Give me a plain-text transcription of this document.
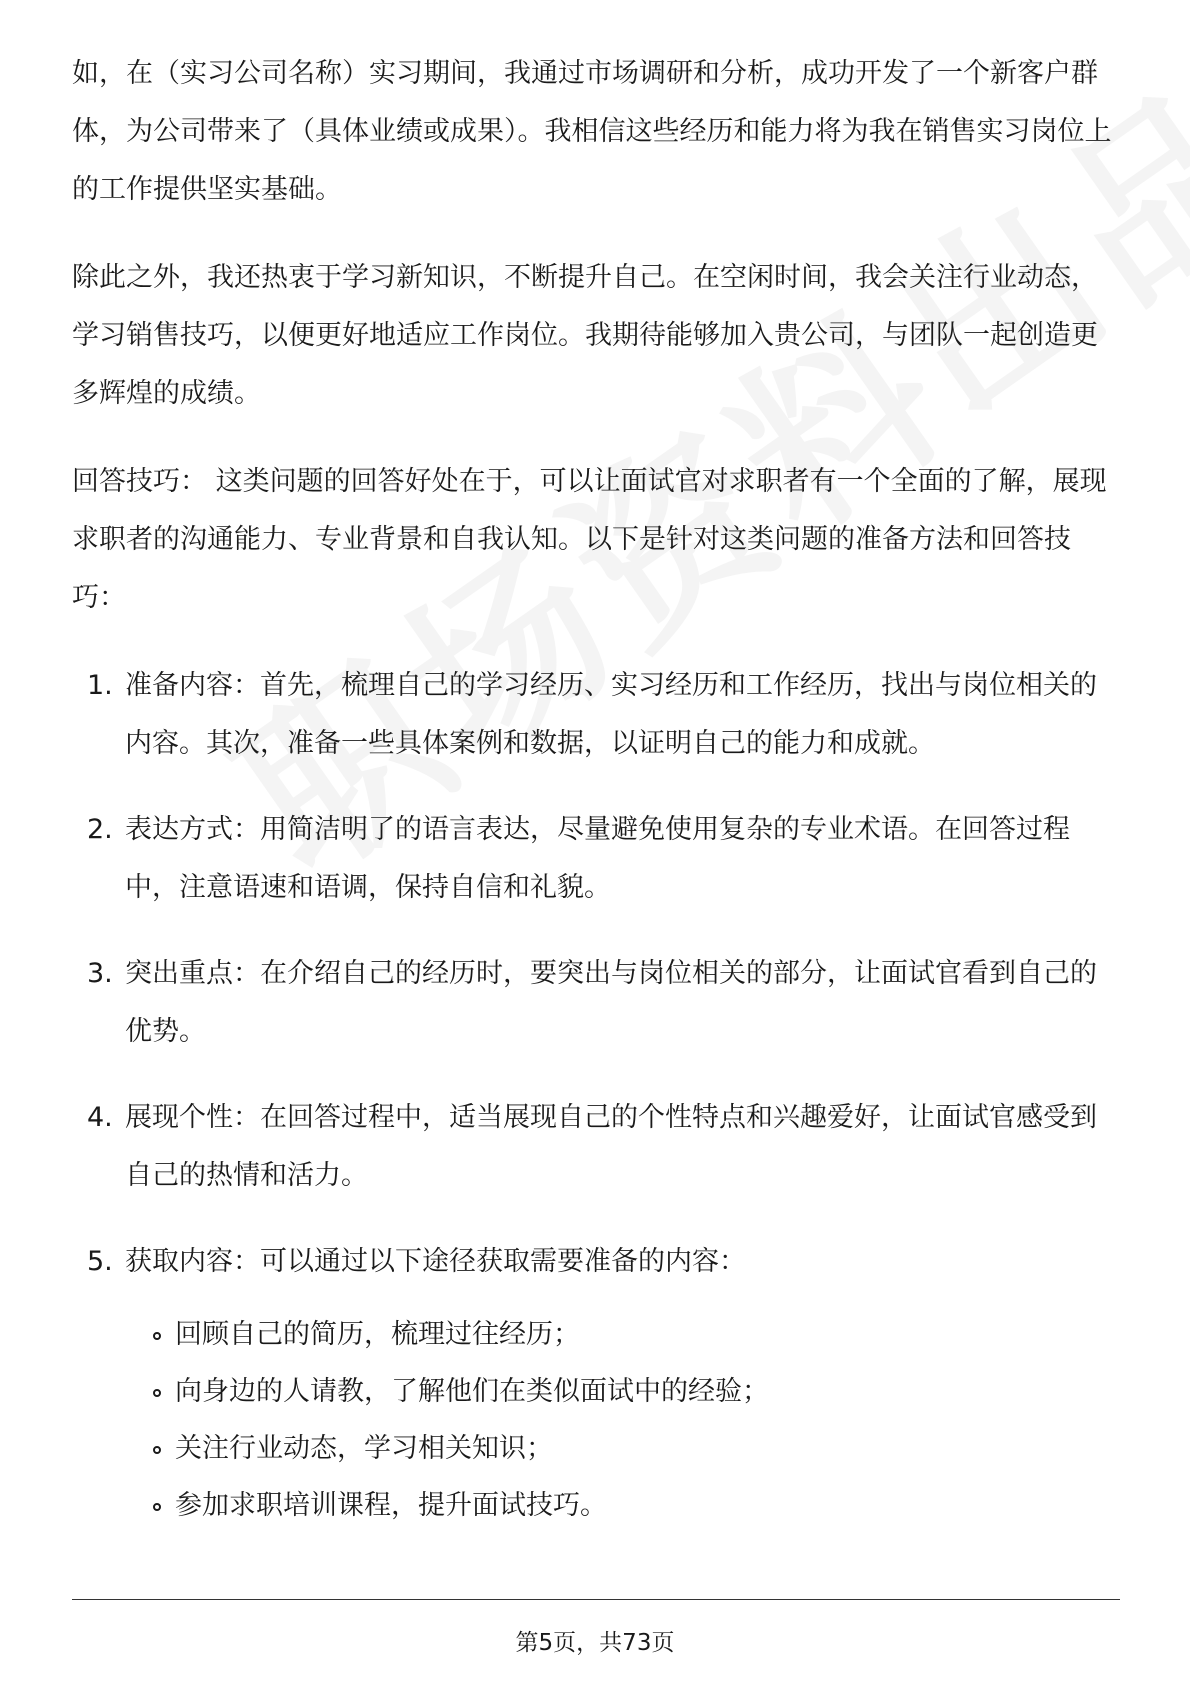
如，在（实习公司名称）实习期间，我通过市场调研和分析，成功开发了一个新客户群体，为公司带来了（具体业绩或成果）。我相信这些经历和能力将为我在销售实习岗位上的工作提供坚实基础。

除此之外，我还热衷于学习新知识，不断提升自己。在空闲时间，我会关注行业动态，学习销售技巧，以便更好地适应工作岗位。我期待能够加入贵公司，与团队一起创造更多辉煌的成绩。

回答技巧： 这类问题的回答好处在于，可以让面试官对求职者有一个全面的了解，展现求职者的沟通能力、专业背景和自我认知。以下是针对这类问题的准备方法和回答技巧：

1. 准备内容：首先，梳理自己的学习经历、实习经历和工作经历，找出与岗位相关的内容。其次，准备一些具体案例和数据，以证明自己的能力和成就。
2. 表达方式：用简洁明了的语言表达，尽量避免使用复杂的专业术语。在回答过程中，注意语速和语调，保持自信和礼貌。
3. 突出重点：在介绍自己的经历时，要突出与岗位相关的部分，让面试官看到自己的优势。
4. 展现个性：在回答过程中，适当展现自己的个性特点和兴趣爱好，让面试官感受到自己的热情和活力。
5. 获取内容：可以通过以下途径获取需要准备的内容：
回顾自己的简历，梳理过往经历；
向身边的人请教，了解他们在类似面试中的经验；
关注行业动态，学习相关知识；
参加求职培训课程，提升面试技巧。
第5页，共73页
